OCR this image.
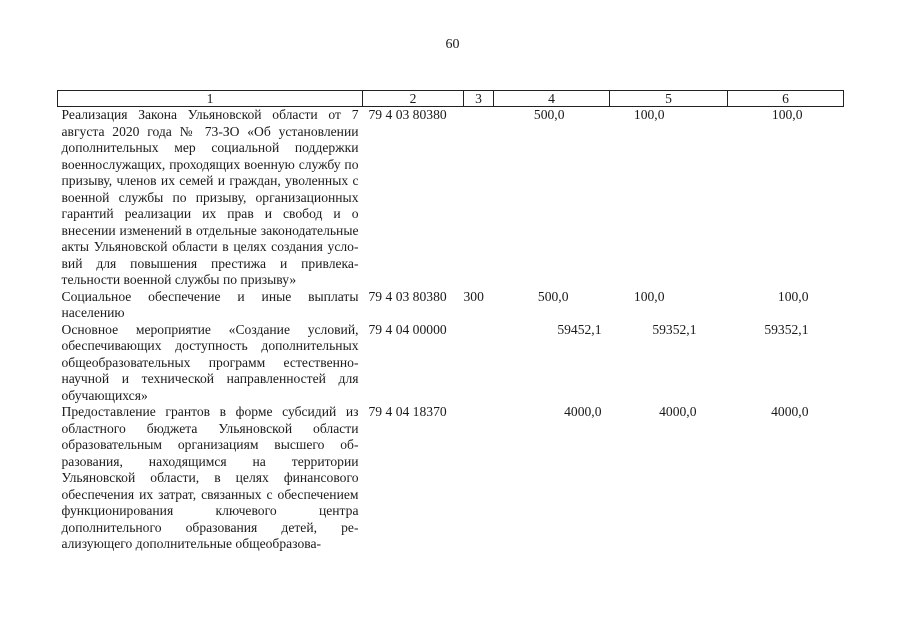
60
1	2	3	4	5	6
Реализация Закона Ульяновской области от 7 августа 2020 года № 73-ЗО «Об установлении дополнительных мер социальной поддержки военнослужащих, проходящих военную службу по призыву, членов их семей и граждан, уволенных с военной службы по призыву, организационных гарантий реализации их прав и свобод и о внесении изменений в отдельные законодательные акты Ульяновской области в целях создания условий для повышения престижа и привлекательности военной службы по призыву»	79 4 03 80380		500,0	100,0	100,0
Социальное обеспечение и иные выплаты населению	79 4 03 80380	300	500,0	100,0	100,0
Основное мероприятие «Создание условий, обеспечивающих доступность дополнительных общеобразовательных программ естественно-научной и технической направленностей для обучающихся»	79 4 04 00000		59452,1	59352,1	59352,1
Предоставление грантов в форме субсидий из областного бюджета Ульяновской области образовательным организациям высшего образования, находящимся на территории Ульяновской области, в целях финансового обеспечения их затрат, связанных с обеспечением функционирования ключевого центра дополнительного образования детей, реализующего дополнительные общеобразова-	79 4 04 18370		4000,0	4000,0	4000,0
